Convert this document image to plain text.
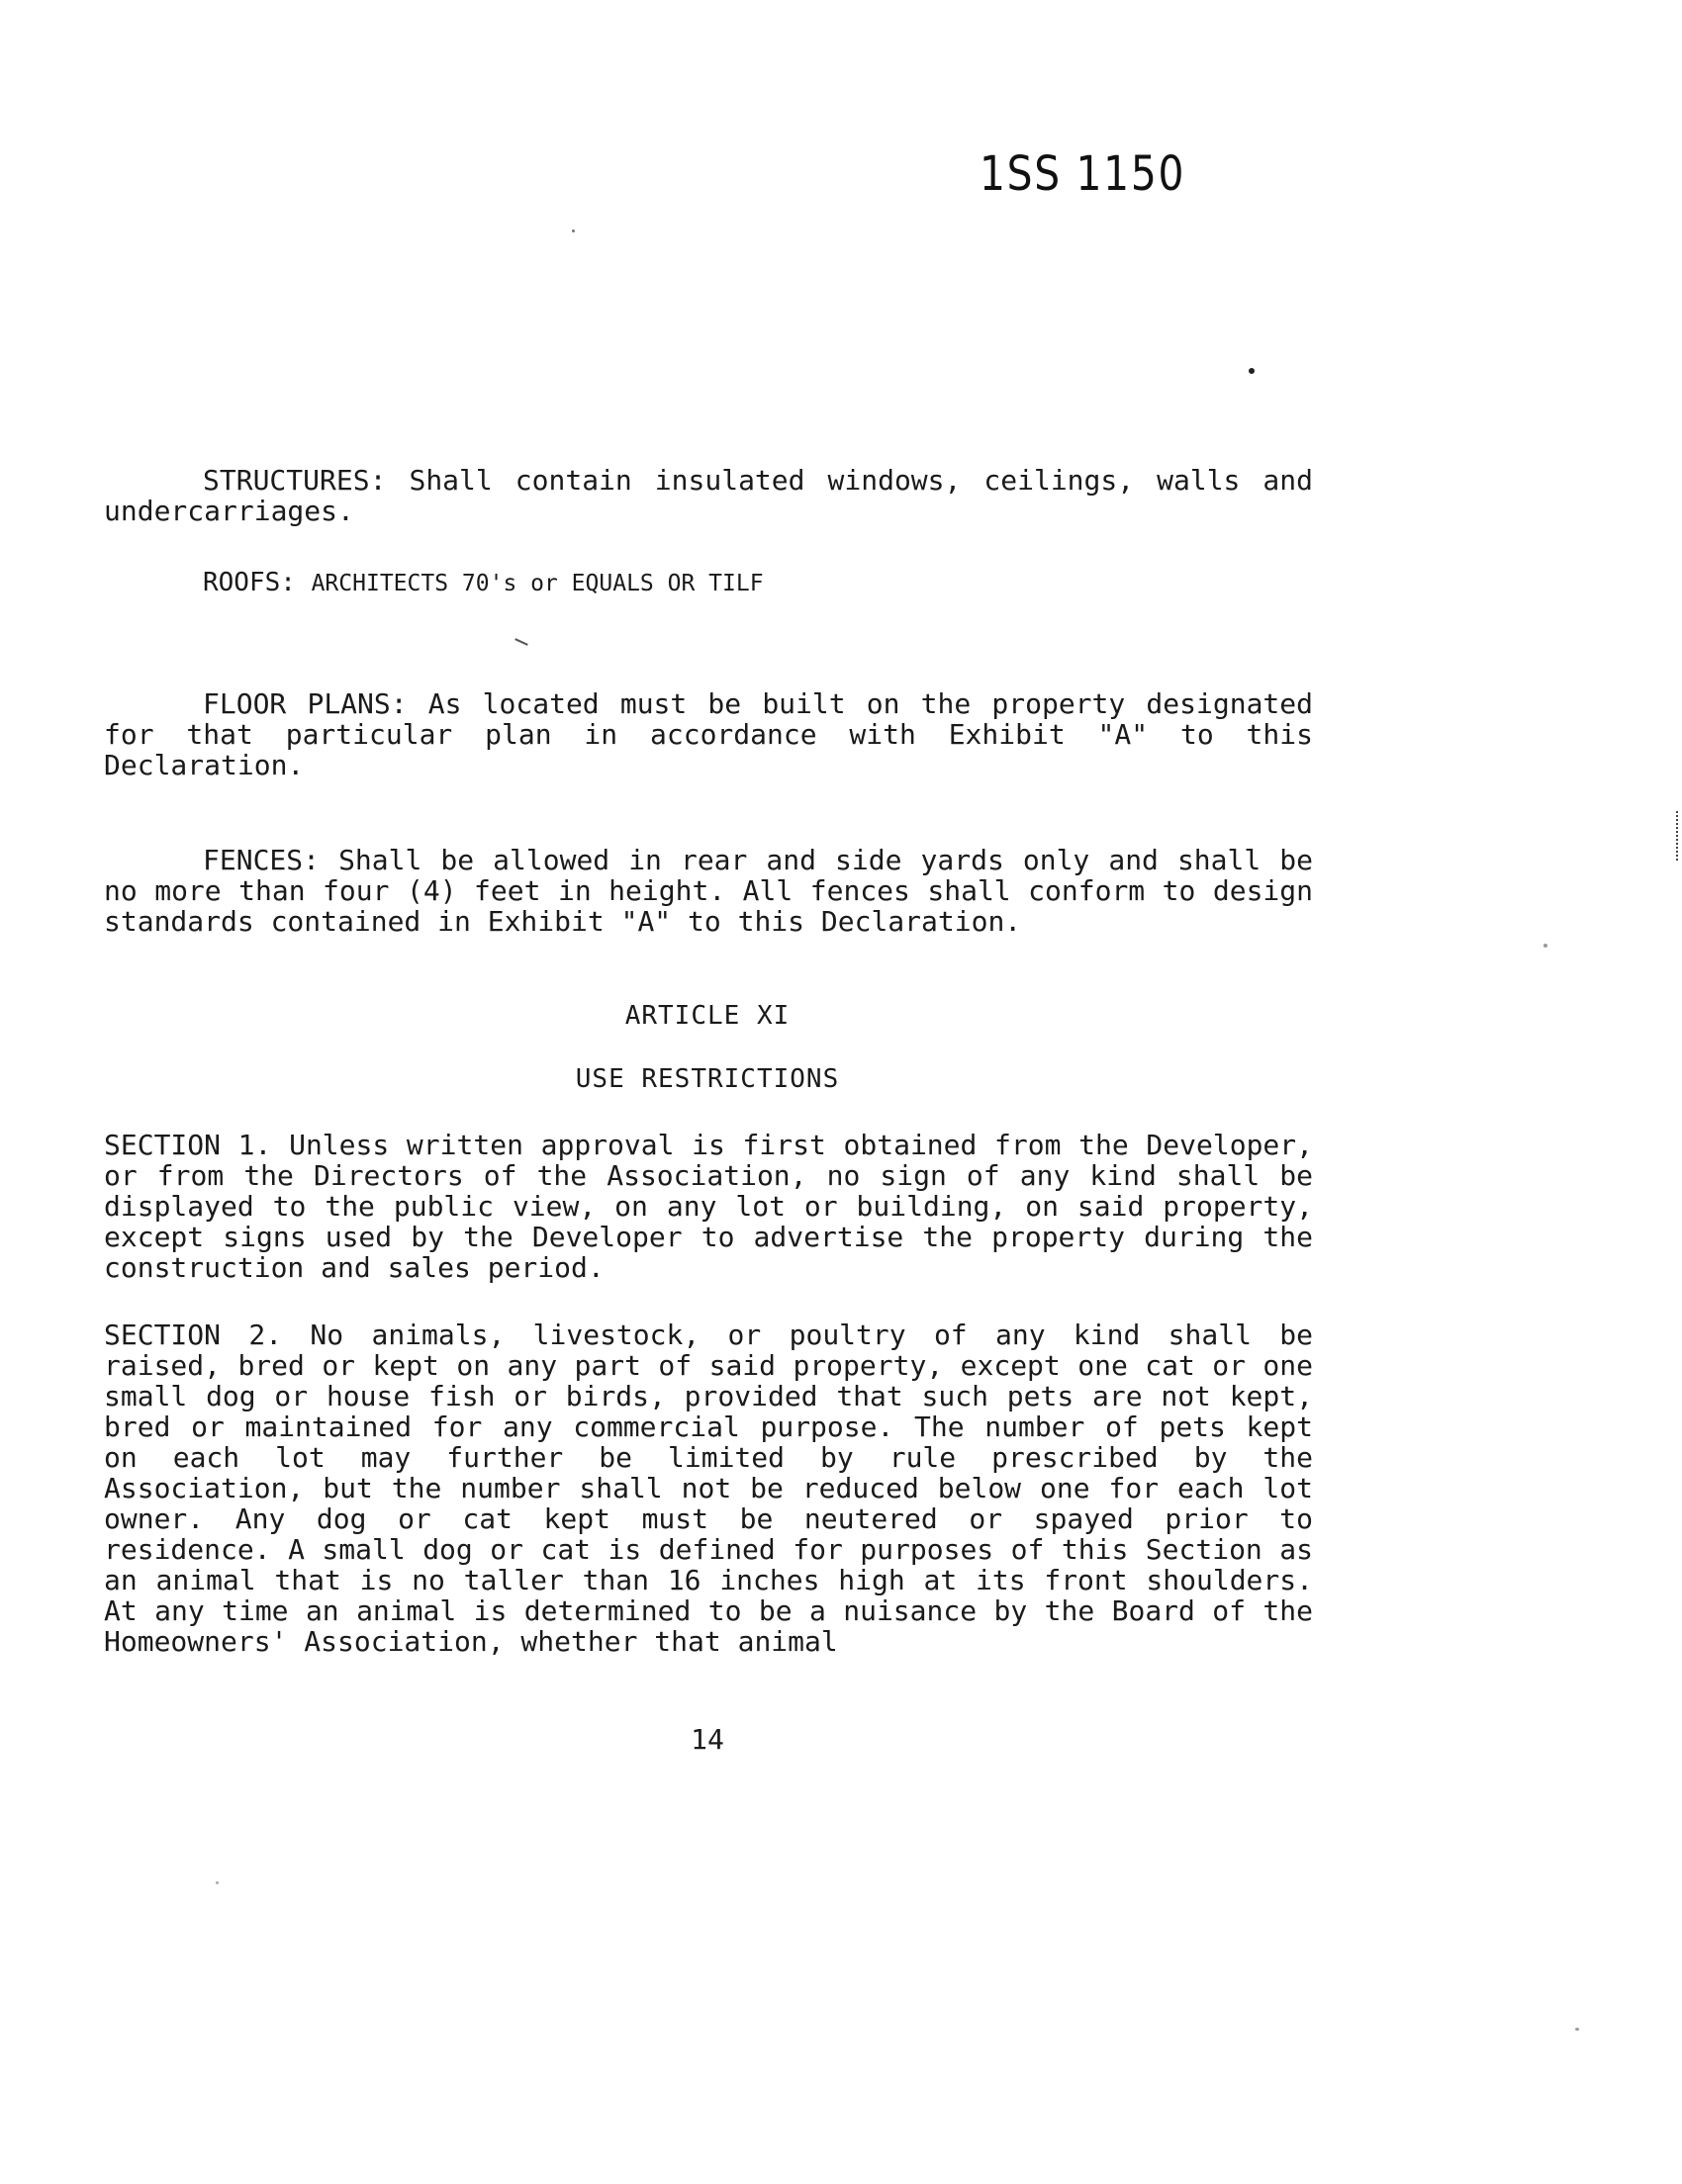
1SS 1150
STRUCTURES: Shall contain insulated windows, ceilings, walls and undercarriages.
ROOFS: ARCHITECTS 70's or EQUALS OR TILF
FLOOR PLANS: As located must be built on the property designated for that particular plan in accordance with Exhibit "A" to this Declaration.
FENCES: Shall be allowed in rear and side yards only and shall be no more than four (4) feet in height. All fences shall conform to design standards contained in Exhibit "A" to this Declaration.
ARTICLE XI
USE RESTRICTIONS
SECTION 1. Unless written approval is first obtained from the Developer, or from the Directors of the Association, no sign of any kind shall be displayed to the public view, on any lot or building, on said property, except signs used by the Developer to advertise the property during the construction and sales period.
SECTION 2. No animals, livestock, or poultry of any kind shall be raised, bred or kept on any part of said property, except one cat or one small dog or house fish or birds, provided that such pets are not kept, bred or maintained for any commercial purpose. The number of pets kept on each lot may further be limited by rule prescribed by the Association, but the number shall not be reduced below one for each lot owner. Any dog or cat kept must be neutered or spayed prior to residence. A small dog or cat is defined for purposes of this Section as an animal that is no taller than 16 inches high at its front shoulders. At any time an animal is determined to be a nuisance by the Board of the Homeowners' Association, whether that animal
14
